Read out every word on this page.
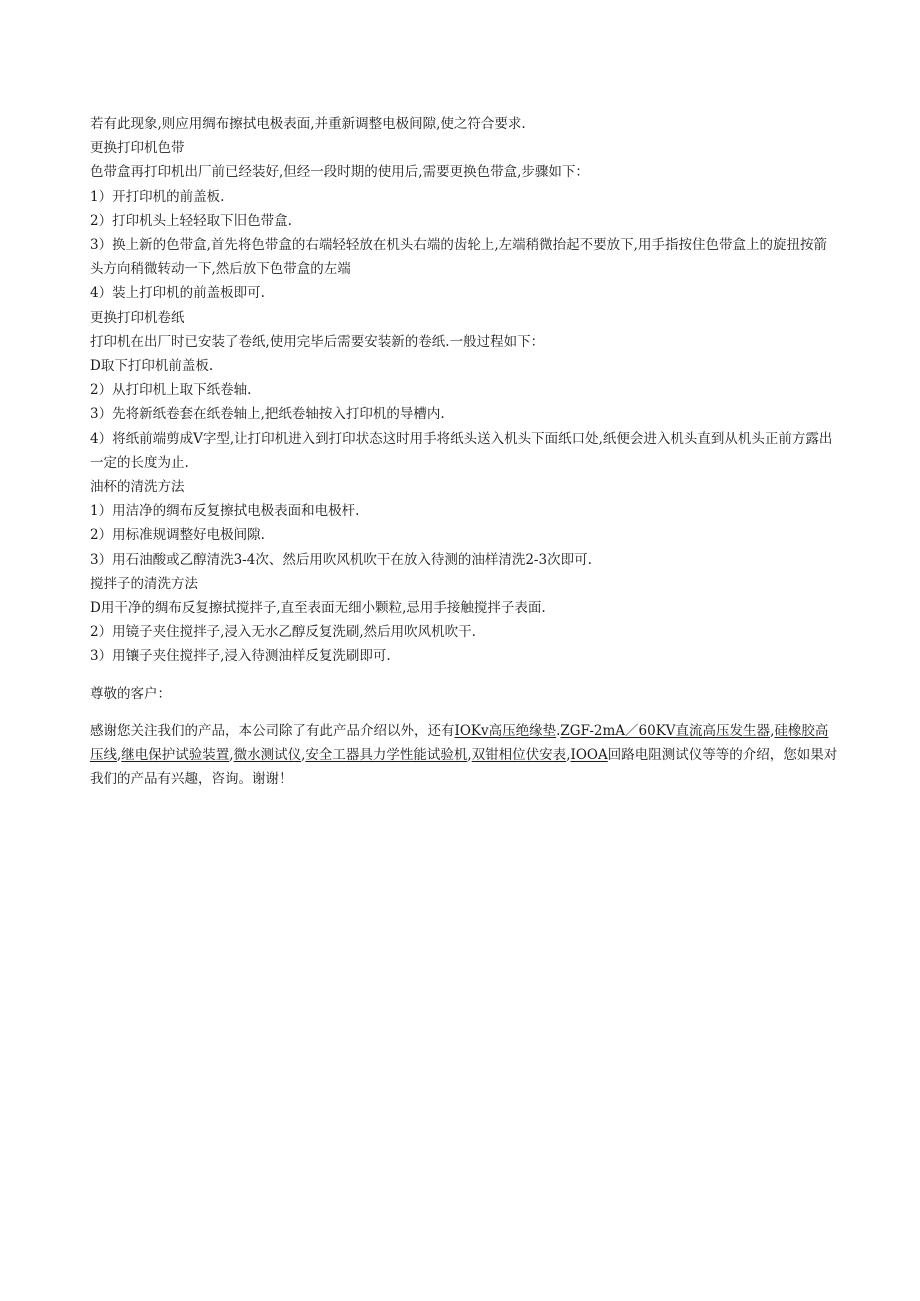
若有此现象,则应用绸布擦拭电极表面,并重新调整电极间隙,使之符合要求.

更换打印机色带

色带盒再打印机出厂前已经装好,但经一段时期的使用后,需要更换色带盒,步骤如下：

1）开打印机的前盖板.

2）打印机头上轻轻取下旧色带盒.

3）换上新的色带盒,首先将色带盒的右端轻轻放在机头右端的齿轮上,左端稍微抬起不要放下,用手指按住色带盒上的旋扭按箭头方向稍微转动一下,然后放下色带盒的左端

4）装上打印机的前盖板即可.

更换打印机卷纸

打印机在出厂时已安装了卷纸,使用完毕后需要安装新的卷纸.一般过程如下：

D取下打印机前盖板.

2）从打印机上取下纸卷轴.

3）先将新纸卷套在纸卷轴上,把纸卷轴按入打印机的导槽内.

4）将纸前端剪成V字型,让打印机进入到打印状态这时用手将纸头送入机头下面纸口处,纸便会进入机头直到从机头正前方露出一定的长度为止.

油杯的清洗方法

1）用洁净的绸布反复擦拭电极表面和电极杆.

2）用标准规调整好电极间隙.

3）用石油酸或乙醇清洗3-4次、然后用吹风机吹干在放入待测的油样清洗2-3次即可.

搅拌子的清洗方法

D用干净的绸布反复擦拭搅拌子,直至表面无细小颗粒,忌用手接触搅拌子表面.

2）用镜子夹住搅拌子,浸入无水乙醇反复洗刷,然后用吹风机吹干.

3）用镶子夹住搅拌子,浸入待测油样反复洗刷即可.

尊敬的客户：

感谢您关注我们的产品，本公司除了有此产品介绍以外，还有IOKv高压绝缘垫.ZGF-2mA／60KV直流高压发生器,硅橡胶高压线,继电保护试验装置,微水测试仪,安全工器具力学性能试验机,双钳相位伏安表,IOOA回路电阻测试仪等等的介绍，您如果对我们的产品有兴趣，咨询。谢谢！
